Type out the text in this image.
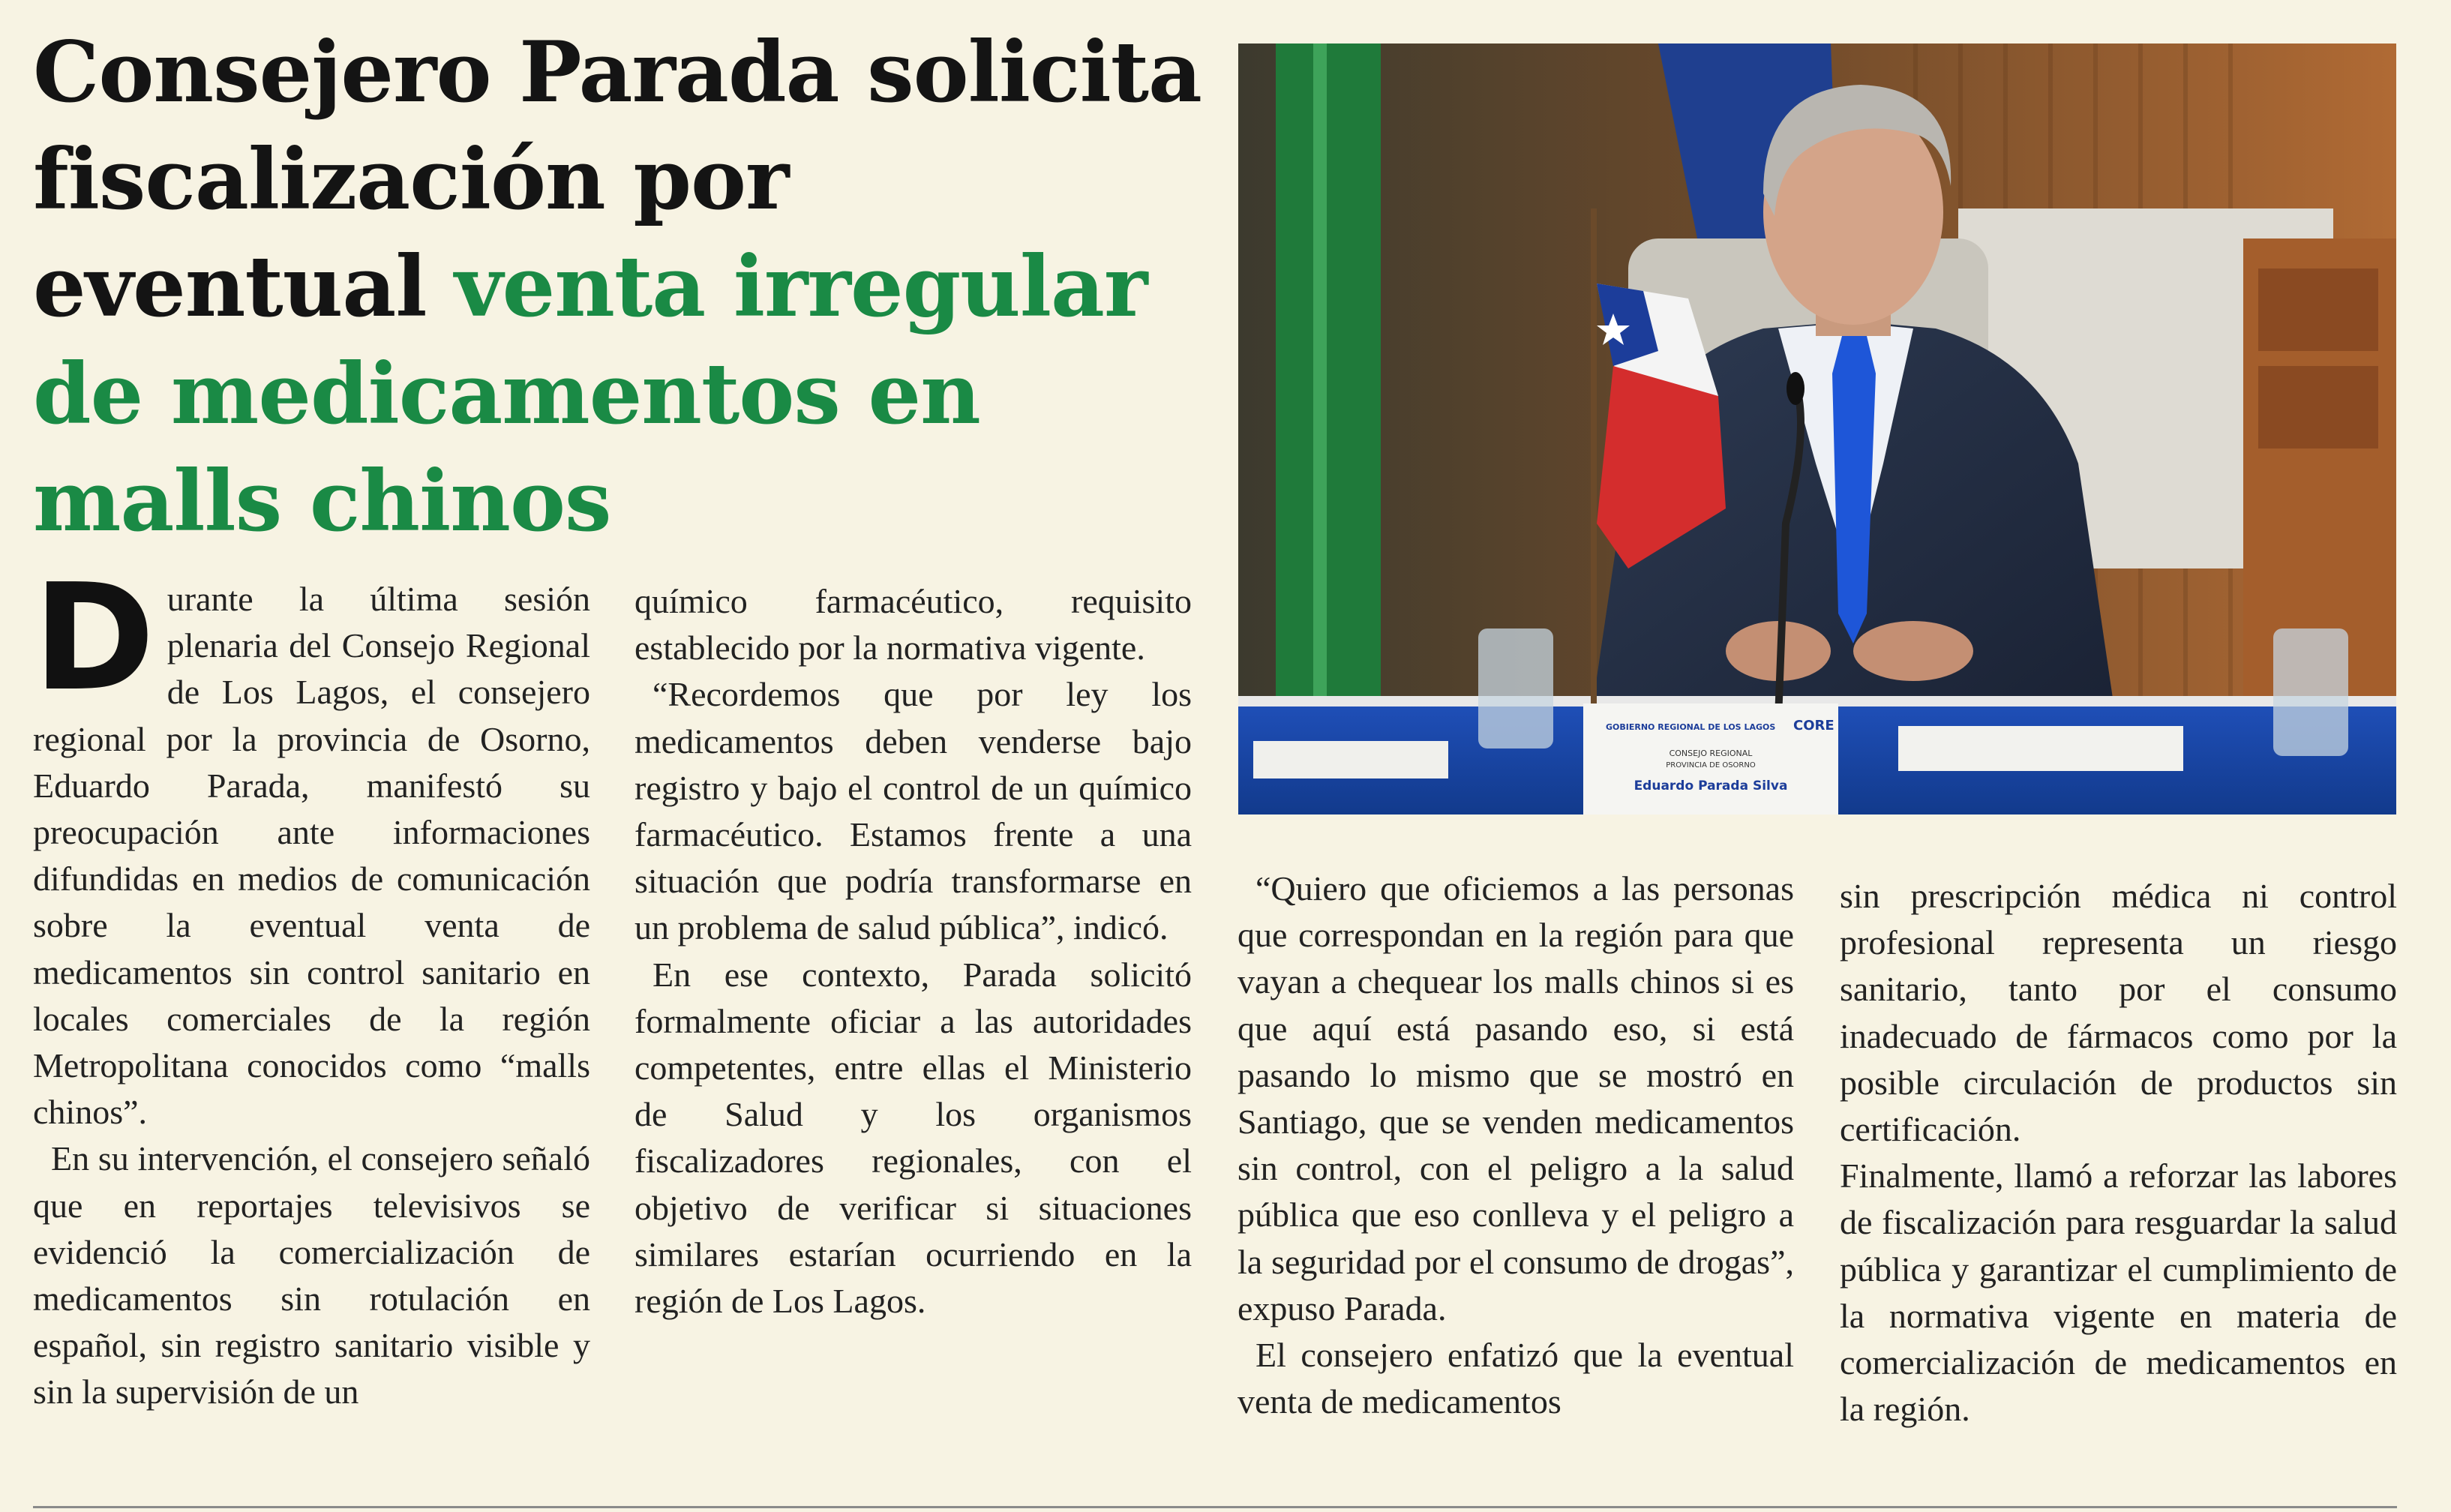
Consejero Parada solicita fiscalización por eventual venta irregular de medicamentos en malls chinos

Durante la última sesión plenaria del Consejo Regional de Los Lagos, el consejero regional por la provincia de Osorno, Eduardo Parada, manifestó su preocupación ante informaciones difundidas en medios de comunicación sobre la eventual venta de medicamentos sin control sanitario en locales comerciales de la región Metropolitana conocidos como “malls chinos”.

En su intervención, el consejero señaló que en reportajes televisivos se evidenció la comercialización de medicamentos sin rotulación en español, sin registro sanitario visible y sin la supervisión de un

químico farmacéutico, requisito establecido por la normativa vigente.

“Recordemos que por ley los medicamentos deben venderse bajo registro y bajo el control de un químico farmacéutico. Estamos frente a una situación que podría transformarse en un problema de salud pública”, indicó.

En ese contexto, Parada solicitó formalmente oficiar a las autoridades competentes, entre ellas el Ministerio de Salud y los organismos fiscalizadores regionales, con el objetivo de verificar si situaciones similares estarían ocurriendo en la región de Los Lagos.

“Quiero que oficiemos a las personas que correspondan en la región para que vayan a chequear los malls chinos si es que aquí está pasando eso, si está pasando lo mismo que se mostró en Santiago, que se venden medicamentos sin control, con el peligro a la salud pública que eso conlleva y el peligro a la seguridad por el consumo de drogas”, expuso Parada.

El consejero enfatizó que la eventual venta de medicamentos

sin prescripción médica ni control profesional representa un riesgo sanitario, tanto por el consumo inadecuado de fármacos como por la posible circulación de productos sin certificación.

Finalmente, llamó a reforzar las labores de fiscalización para resguardar la salud pública y garantizar el cumplimiento de la normativa vigente en materia de comercialización de medicamentos en la región.

GOBIERNO REGIONAL DE LOS LAGOS CORE
CONSEJO REGIONAL
PROVINCIA DE OSORNO
Eduardo Parada Silva
